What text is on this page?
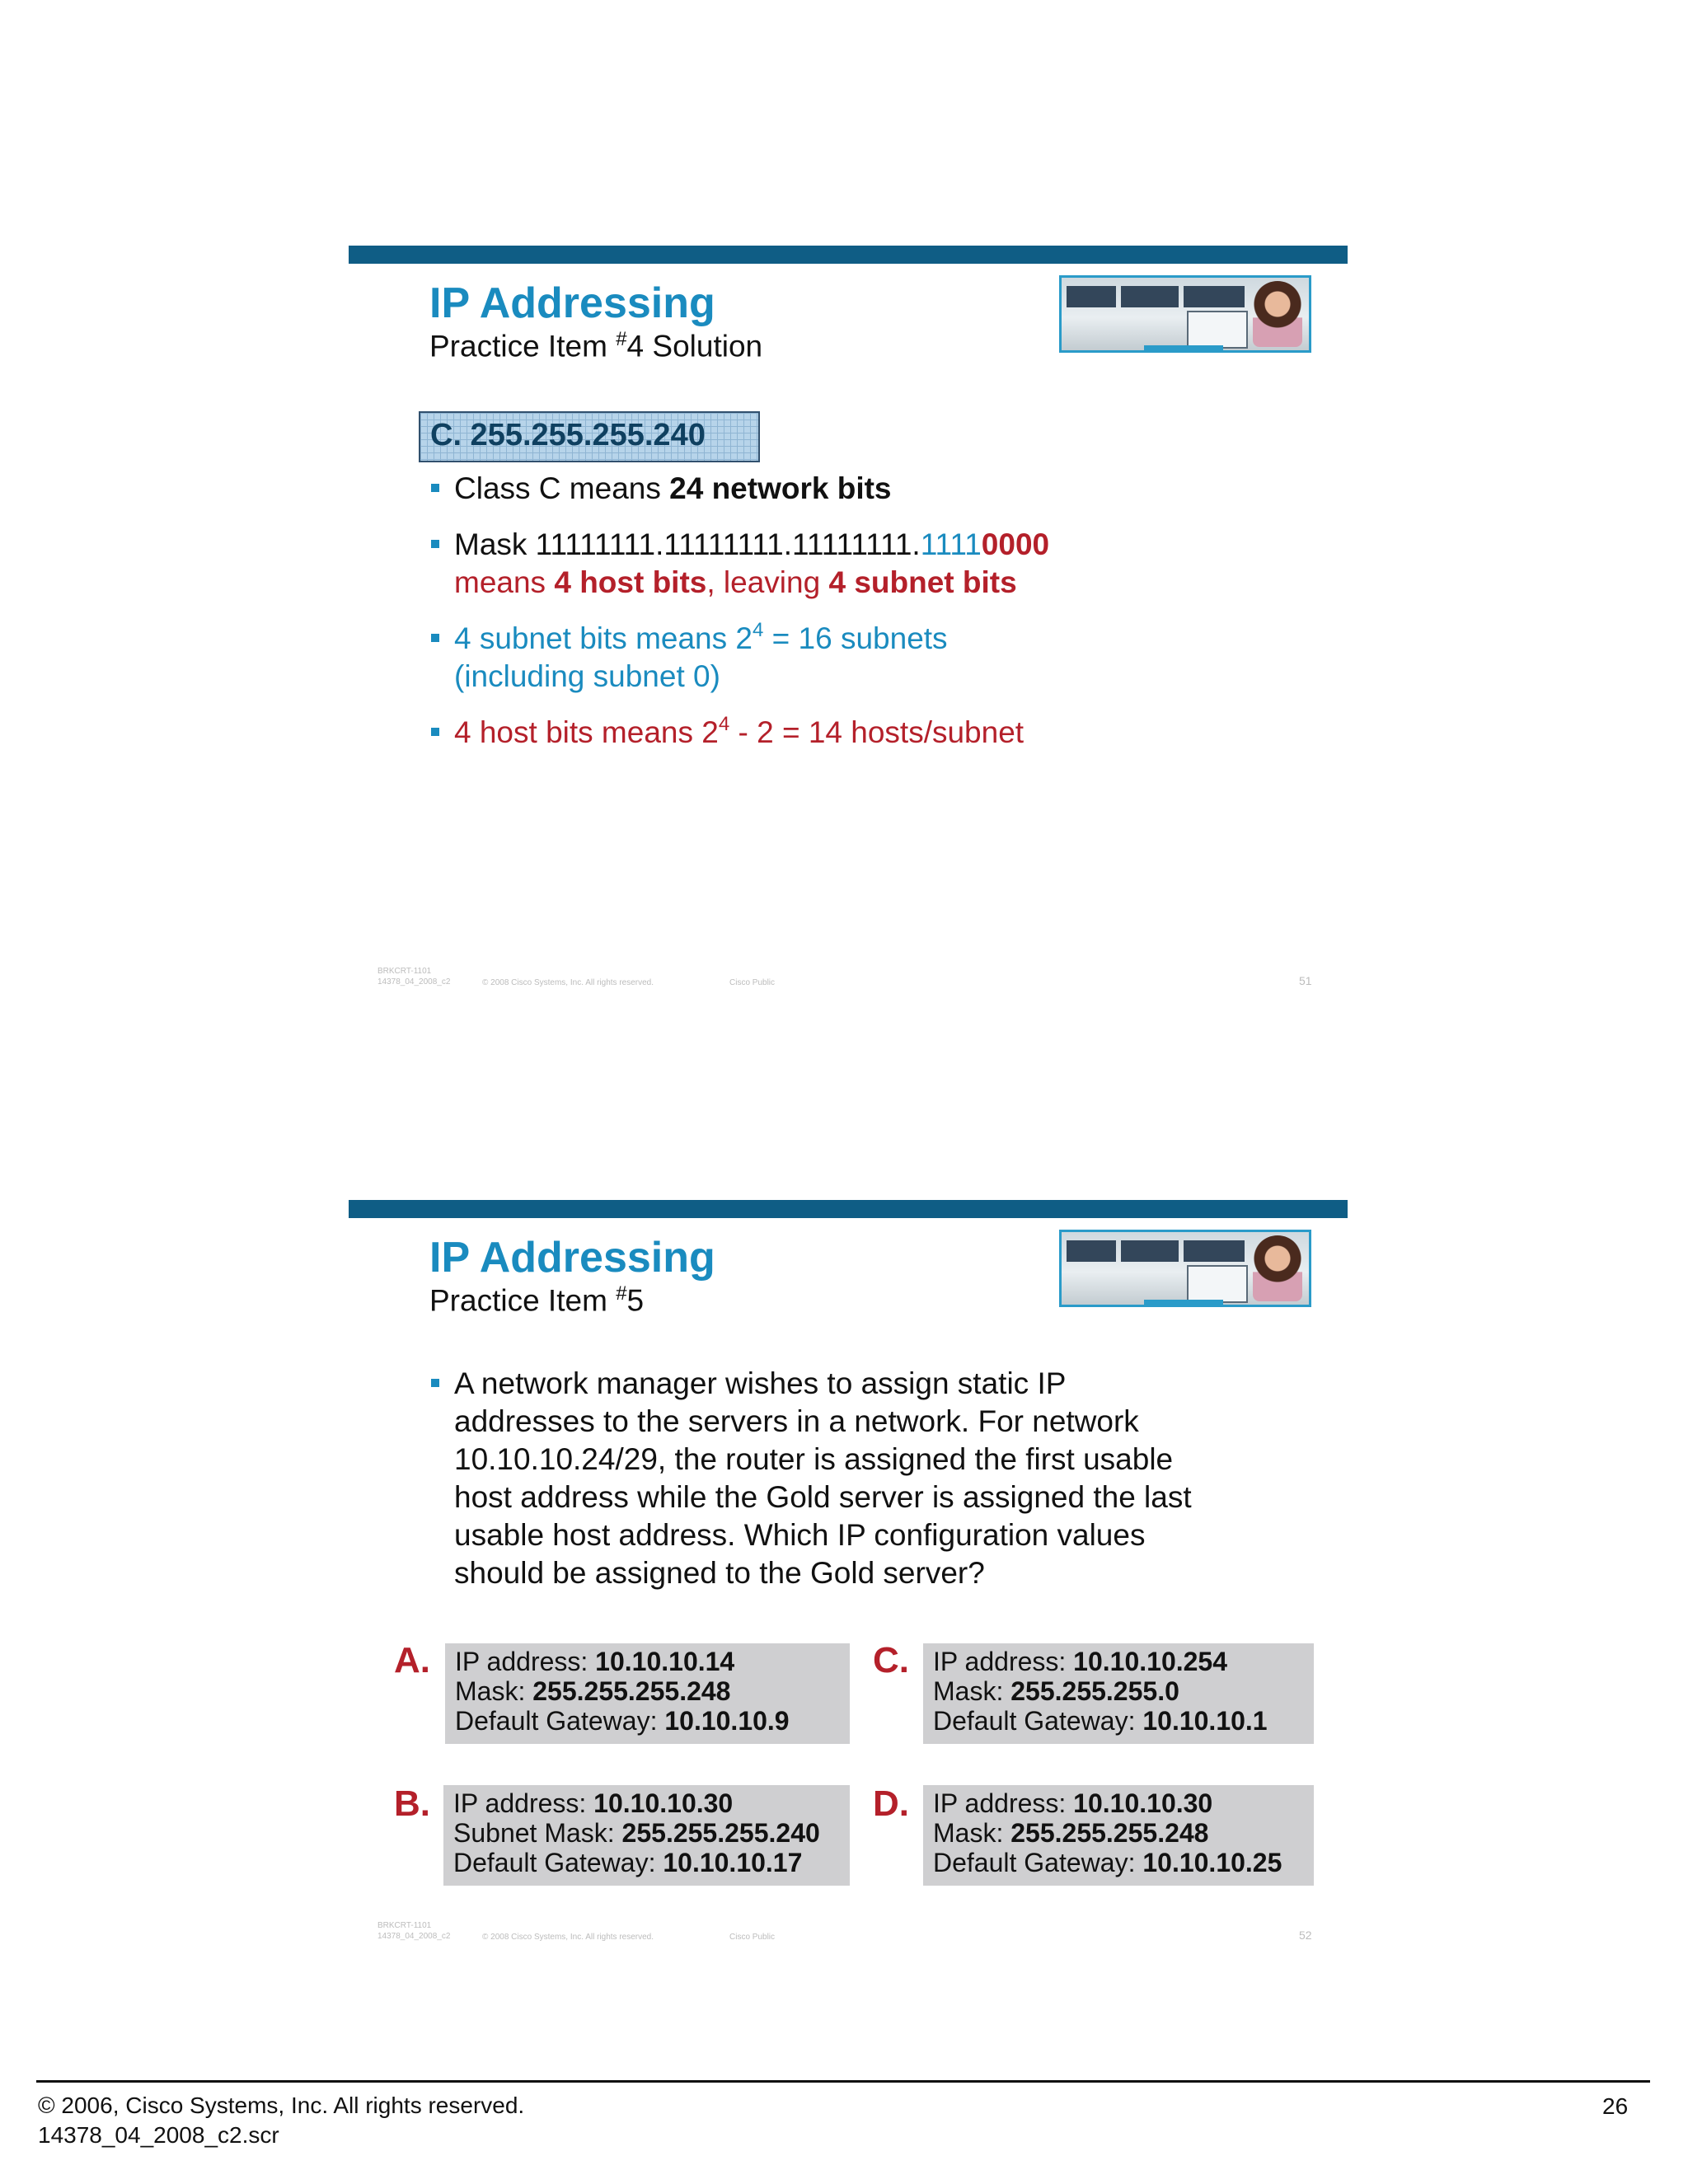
IP Addressing
Practice Item #4 Solution
C. 255.255.255.240
Class C means 24 network bits
Mask 11111111.11111111.11111111.11110000
means 4 host bits, leaving 4 subnet bits
4 subnet bits means $2^4 = 16$ subnets
(including subnet 0)
4 host bits means $2^4 - 2 = 14$ hosts/subnet
BRKCRT-1101
14378_04_2008_c2	© 2008 Cisco Systems, Inc. All rights reserved.	Cisco Public	51
IP Addressing
Practice Item #5
A network manager wishes to assign static IP
addresses to the servers in a network. For network
10.10.10.24/29, the router is assigned the first usable
host address while the Gold server is assigned the last
usable host address. Which IP configuration values
should be assigned to the Gold server?
A. IP address: 10.10.10.14
Mask: 255.255.255.248
Default Gateway: 10.10.10.9
C. IP address: 10.10.10.254
Mask: 255.255.255.0
Default Gateway: 10.10.10.1
B. IP address: 10.10.10.30
Subnet Mask: 255.255.255.240
Default Gateway: 10.10.10.17
D. IP address: 10.10.10.30
Mask: 255.255.255.248
Default Gateway: 10.10.10.25
BRKCRT-1101
14378_04_2008_c2	© 2008 Cisco Systems, Inc. All rights reserved.	Cisco Public	52
© 2006, Cisco Systems, Inc. All rights reserved.
14378_04_2008_c2.scr
26
